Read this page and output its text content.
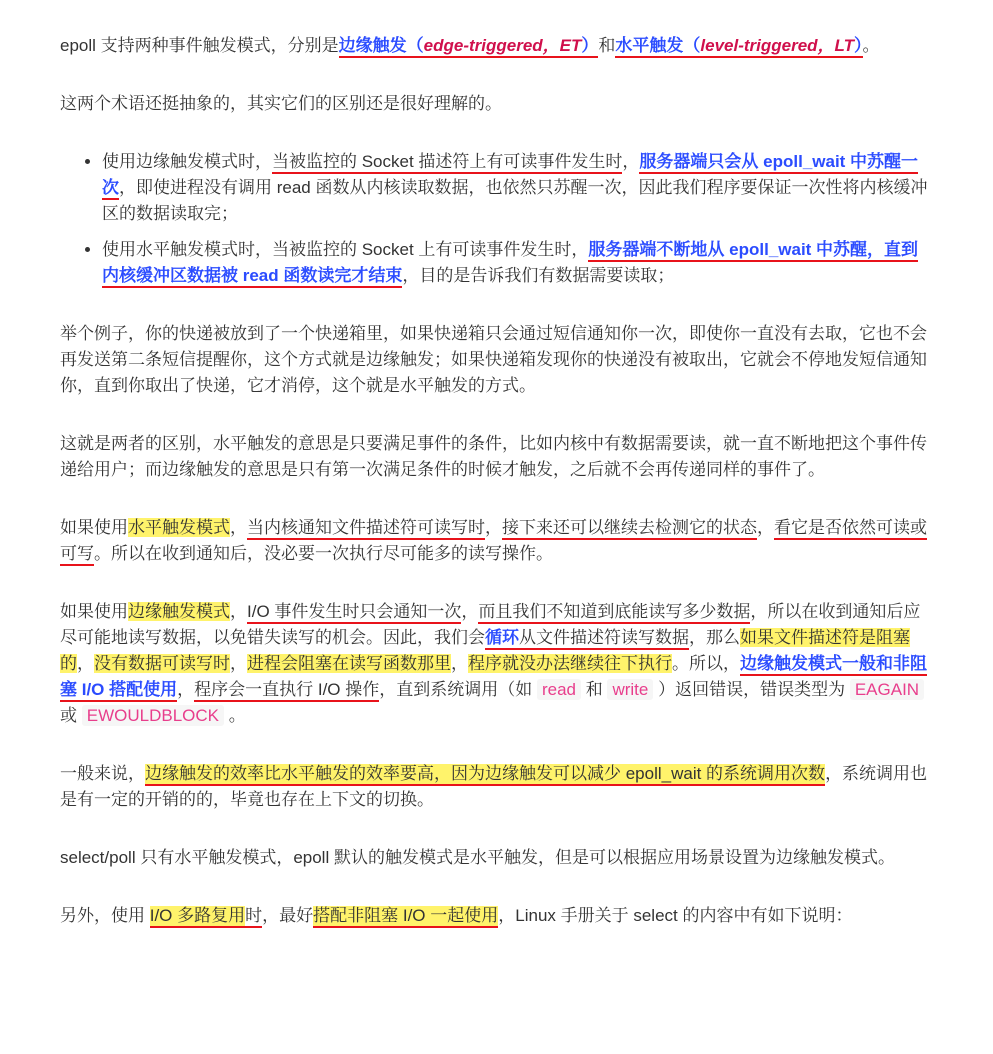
epoll 支持两种事件触发模式，分别是边缘触发（edge-triggered，ET）和水平触发（level-triggered，LT）。

这两个术语还挺抽象的，其实它们的区别还是很好理解的。

• 使用边缘触发模式时，当被监控的 Socket 描述符上有可读事件发生时，服务器端只会从 epoll_wait 中苏醒一次，即使进程没有调用 read 函数从内核读取数据，也依然只苏醒一次，因此我们程序要保证一次性将内核缓冲区的数据读取完；
• 使用水平触发模式时，当被监控的 Socket 上有可读事件发生时，服务器端不断地从 epoll_wait 中苏醒，直到内核缓冲区数据被 read 函数读完才结束，目的是告诉我们有数据需要读取；

举个例子，你的快递被放到了一个快递箱里，如果快递箱只会通过短信通知你一次，即使你一直没有去取，它也不会再发送第二条短信提醒你，这个方式就是边缘触发；如果快递箱发现你的快递没有被取出，它就会不停地发短信通知你，直到你取出了快递，它才消停，这个就是水平触发的方式。

这就是两者的区别，水平触发的意思是只要满足事件的条件，比如内核中有数据需要读，就一直不断地把这个事件传递给用户；而边缘触发的意思是只有第一次满足条件的时候才触发，之后就不会再传递同样的事件了。

如果使用水平触发模式，当内核通知文件描述符可读写时，接下来还可以继续去检测它的状态，看它是否依然可读或可写。所以在收到通知后，没必要一次执行尽可能多的读写操作。

如果使用边缘触发模式，I/O 事件发生时只会通知一次，而且我们不知道到底能读写多少数据，所以在收到通知后应尽可能地读写数据，以免错失读写的机会。因此，我们会循环从文件描述符读写数据，那么如果文件描述符是阻塞的，没有数据可读写时，进程会阻塞在读写函数那里，程序就没办法继续往下执行。所以，边缘触发模式一般和非阻塞 I/O 搭配使用，程序会一直执行 I/O 操作，直到系统调用（如 read 和 write ）返回错误，错误类型为 EAGAIN 或 EWOULDBLOCK 。

一般来说，边缘触发的效率比水平触发的效率要高，因为边缘触发可以减少 epoll_wait 的系统调用次数，系统调用也是有一定的开销的的，毕竟也存在上下文的切换。

select/poll 只有水平触发模式，epoll 默认的触发模式是水平触发，但是可以根据应用场景设置为边缘触发模式。

另外，使用 I/O 多路复用时，最好搭配非阻塞 I/O 一起使用，Linux 手册关于 select 的内容中有如下说明：
